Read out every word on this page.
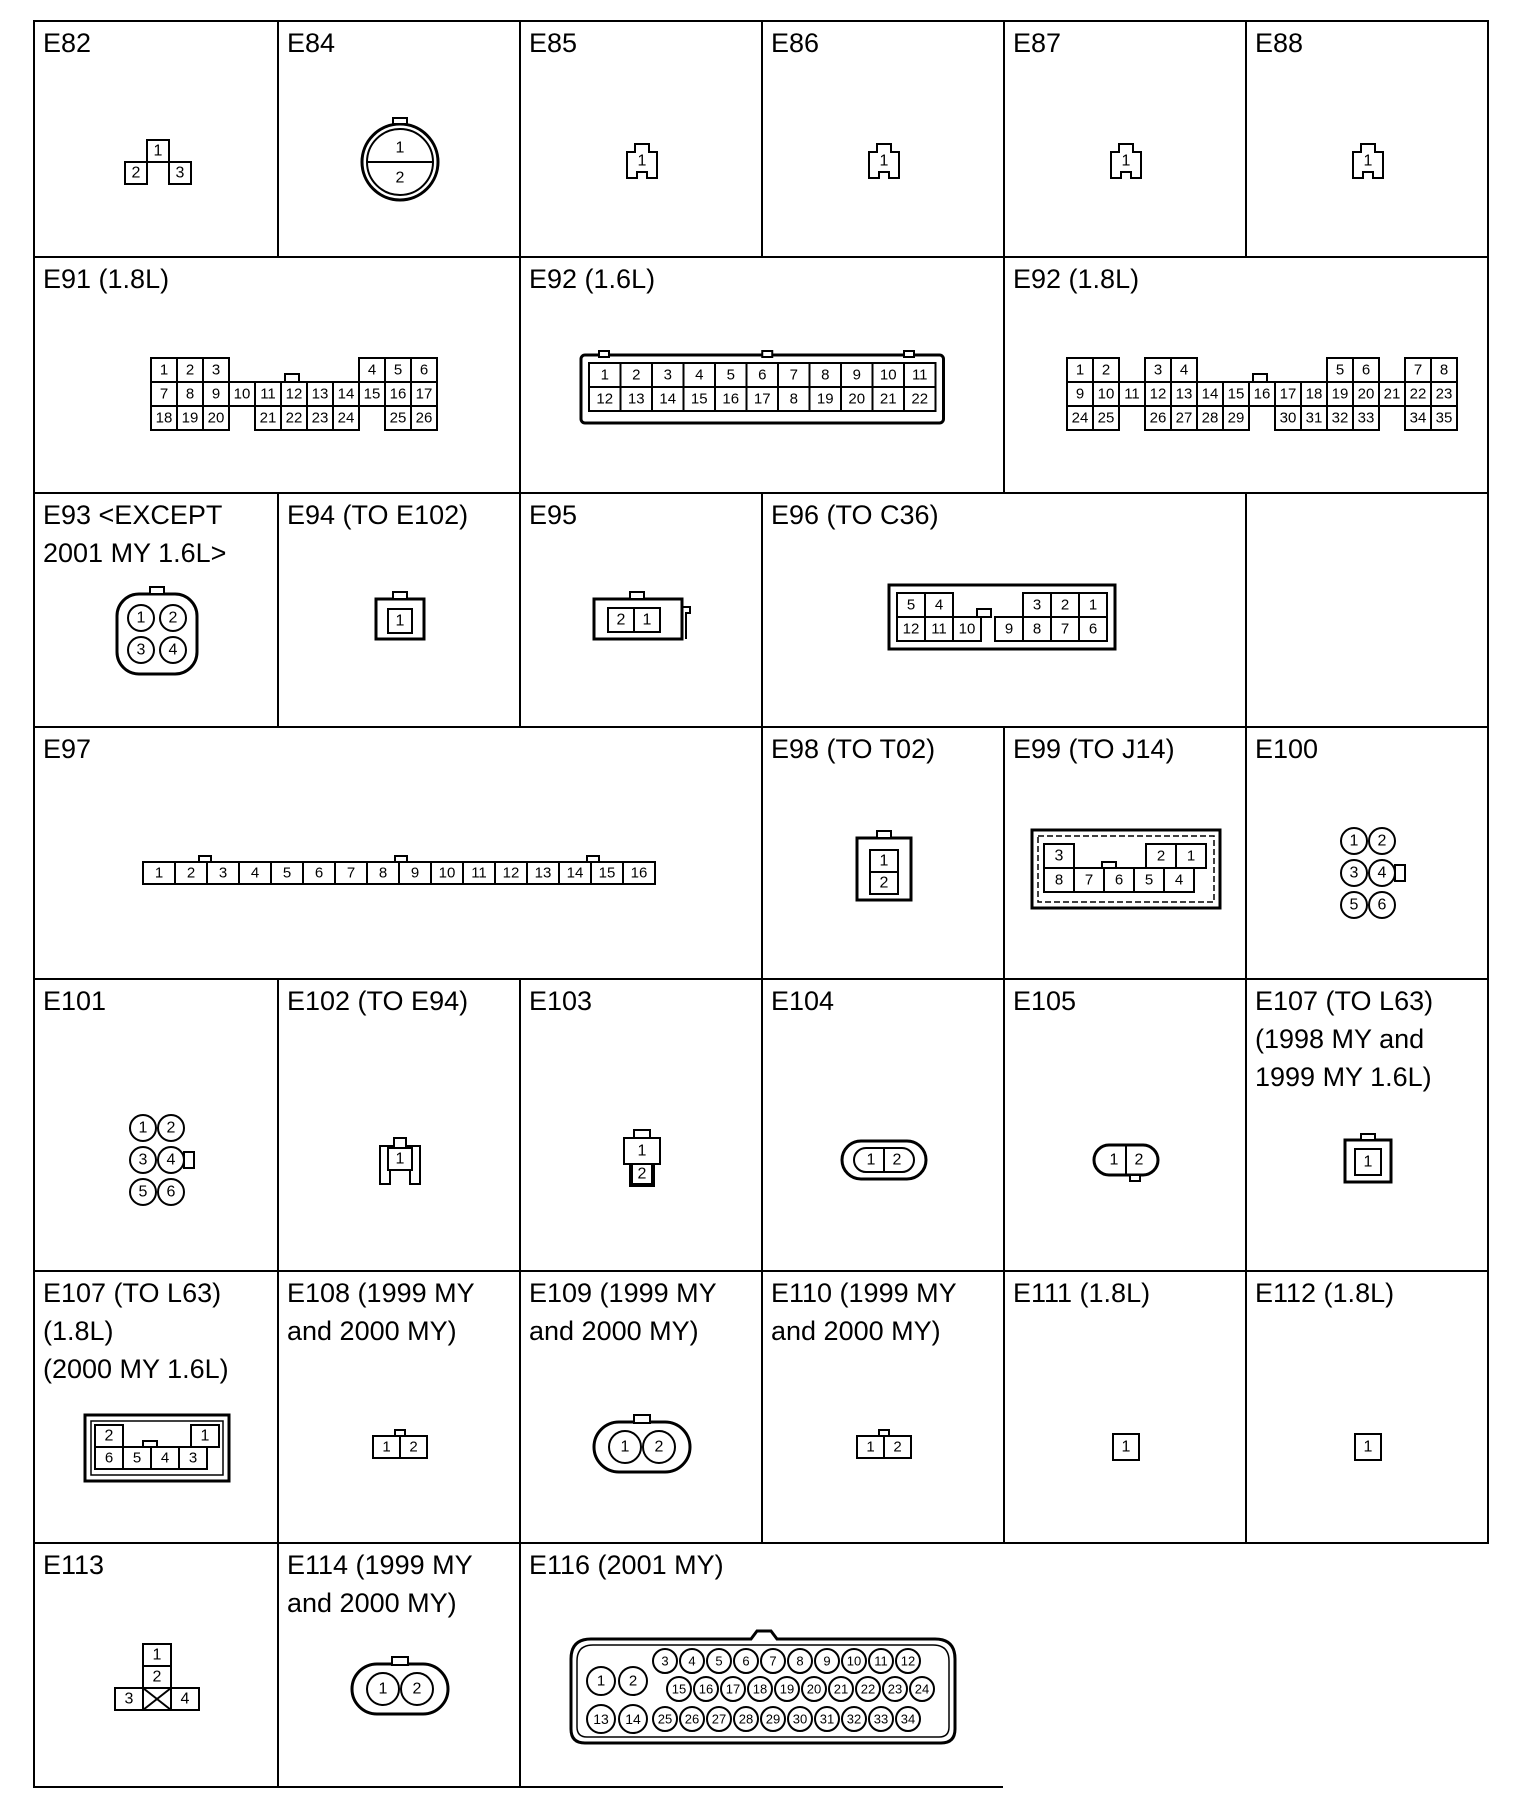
E82
1
2 3
E84
1
2
E85
1
E86
1
E87
1
E88
1
E91 (1.8L)
1 2 3	4 5 6
7 8 9 10 11 12 13 14 15 16 17
18 19 20 21 22 23 24 25 26
E92 (1.6L)
1 2 3 4 5 6 7 8 9 10 11
12 13 14 15 16 17 8 19 20 21 22
E92 (1.8L)
1 2	3 4	5 6	7 8
9 10 11 12 13 14 15 16 17 18 19 20 21 22 23
24 25 26 27 28 29 30 31 32 33 34 35
E93 <EXCEPT
2001 MY 1.6L>
1 2
3 4
E94 (TO E102)
1
E95
2 1
E96 (TO C36)
5 4	3 2 1
12 11 10 9 8 7 6
E97
1 2 3 4 5 6 7 8 9 10 11 12 13 14 15 16
E98 (TO T02)
1
2
E99 (TO J14)
3	2 1
8 7 6 5 4
E100
1 2
3 4
5 6
E101
1 2
3 4
5 6
E102 (TO E94)
1
E103
1
2
E104
1 2
E105
1 2
E107 (TO L63)
(1998 MY and
1999 MY 1.6L)
1
E107 (TO L63)
(1.8L)
(2000 MY 1.6L)
2	1
6 5 4 3
E108 (1999 MY
and 2000 MY)
1 2
E109 (1999 MY
and 2000 MY)
1 2
E110 (1999 MY
and 2000 MY)
1 2
E111 (1.8L)
1
E112 (1.8L)
1
E113
1
2
3	4
E114 (1999 MY
and 2000 MY)
1 2
E116 (2001 MY)
1 2
13 14
3 4 5 6 7 8 9 10 11 12
15 16 17 18 19 20 21 22 23 24
25 26 27 28 29 30 31 32 33 34
